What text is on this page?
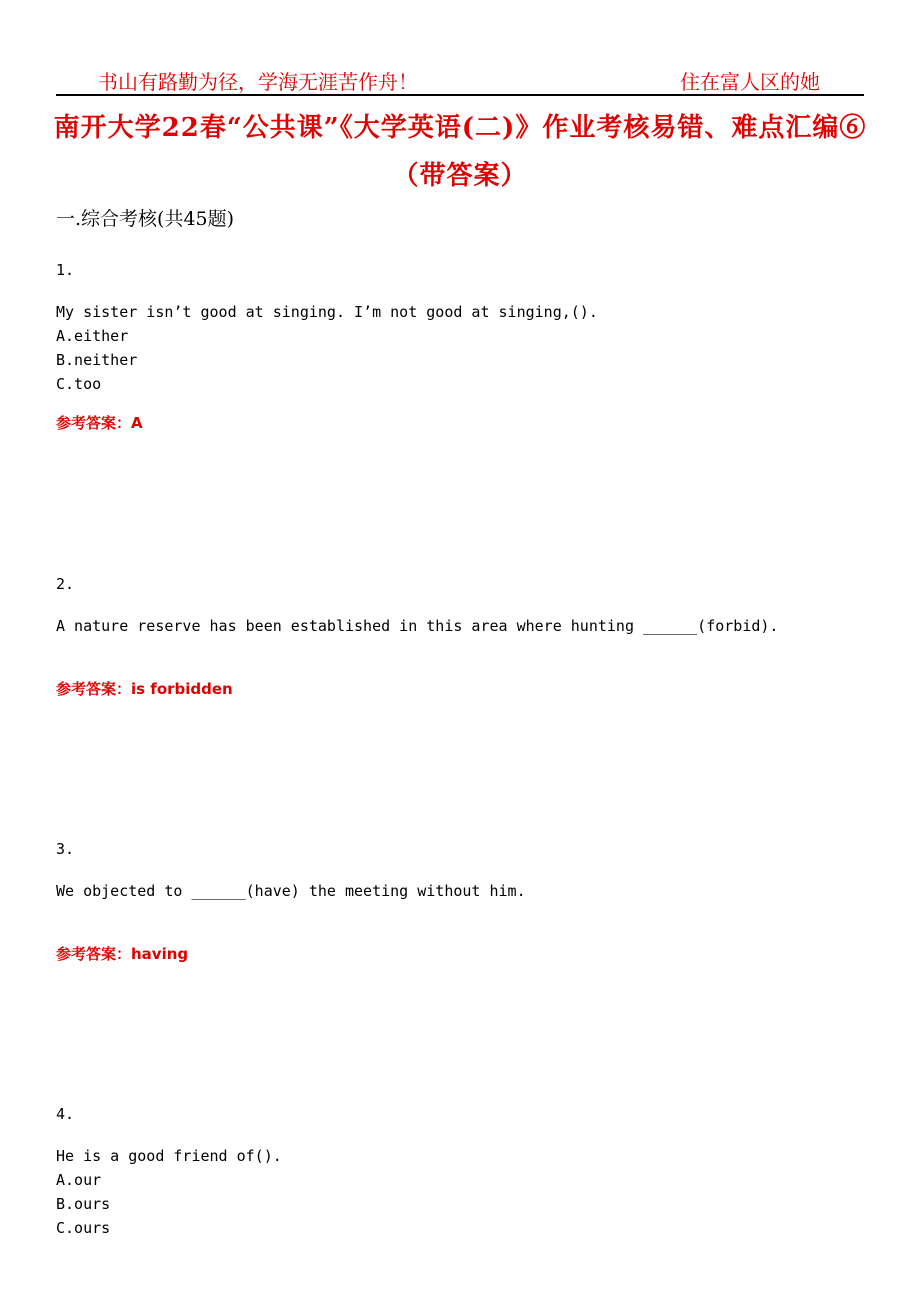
书山有路勤为径，学海无涯苦作舟！	住在富人区的她
南开大学22春“公共课”《大学英语(二)》作业考核易错、难点汇编⑥（带答案）
一.综合考核(共45题)
1.
My sister isn’t good at singing. I’m not good at singing,().
A.either
B.neither
C.too
参考答案：A
2.
A nature reserve has been established in this area where hunting ______(forbid).
参考答案：is forbidden
3.
We objected to ______(have) the meeting without him.
参考答案：having
4.
He is a good friend of().
A.our
B.ours
C.ours
